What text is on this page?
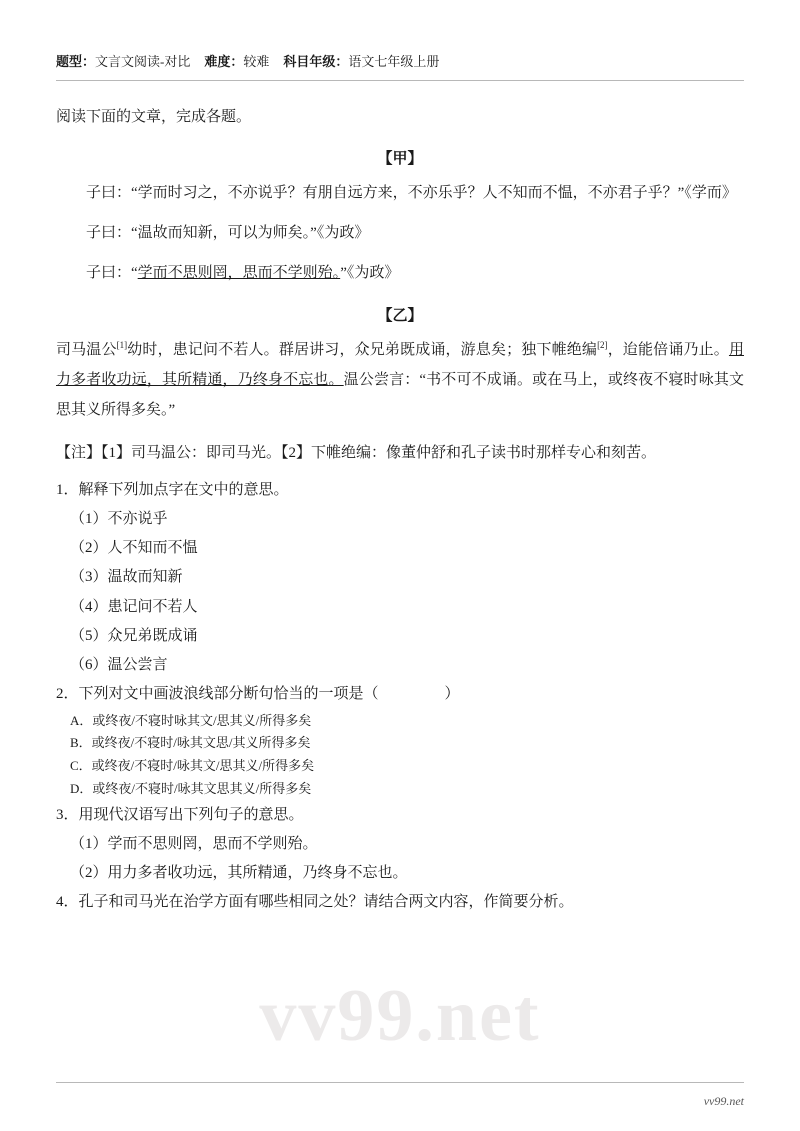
题型：文言文阅读-对比 难度：较难 科目年级：语文七年级上册

阅读下面的文章，完成各题。

【甲】

子曰：“学而时习之，不亦说乎？有朋自远方来，不亦乐乎？人不知而不愠，不亦君子乎？”《学而》

子曰：“温故而知新，可以为师矣。”《为政》

子曰：“学而不思则罔，思而不学则殆。”《为政》

【乙】

司马温公[1]幼时，患记问不若人。群居讲习，众兄弟既成诵，游息矣；独下帷绝编[2]，迨能倍诵乃止。用力多者收功远，其所精通，乃终身不忘也。温公尝言：“书不可不成诵。或在马上，或终夜不寝时咏其文思其义所得多矣。”

【注】【1】司马温公：即司马光。【2】下帷绝编：像董仲舒和孔子读书时那样专心和刻苦。

1．解释下列加点字在文中的意思。

（1）不亦说乎

（2）人不知而不愠

（3）温故而知新

（4）患记问不若人

（5）众兄弟既成诵

（6）温公尝言

2．下列对文中画波浪线部分断句恰当的一项是（	）

A．或终夜/不寝时咏其文/思其义/所得多矣

B．或终夜/不寝时/咏其文思/其义所得多矣

C．或终夜/不寝时/咏其文/思其义/所得多矣

D．或终夜/不寝时/咏其文思其义/所得多矣

3．用现代汉语写出下列句子的意思。

（1）学而不思则罔，思而不学则殆。

（2）用力多者收功远，其所精通，乃终身不忘也。

4．孔子和司马光在治学方面有哪些相同之处？请结合两文内容，作简要分析。

vv99.net
vv99.net
